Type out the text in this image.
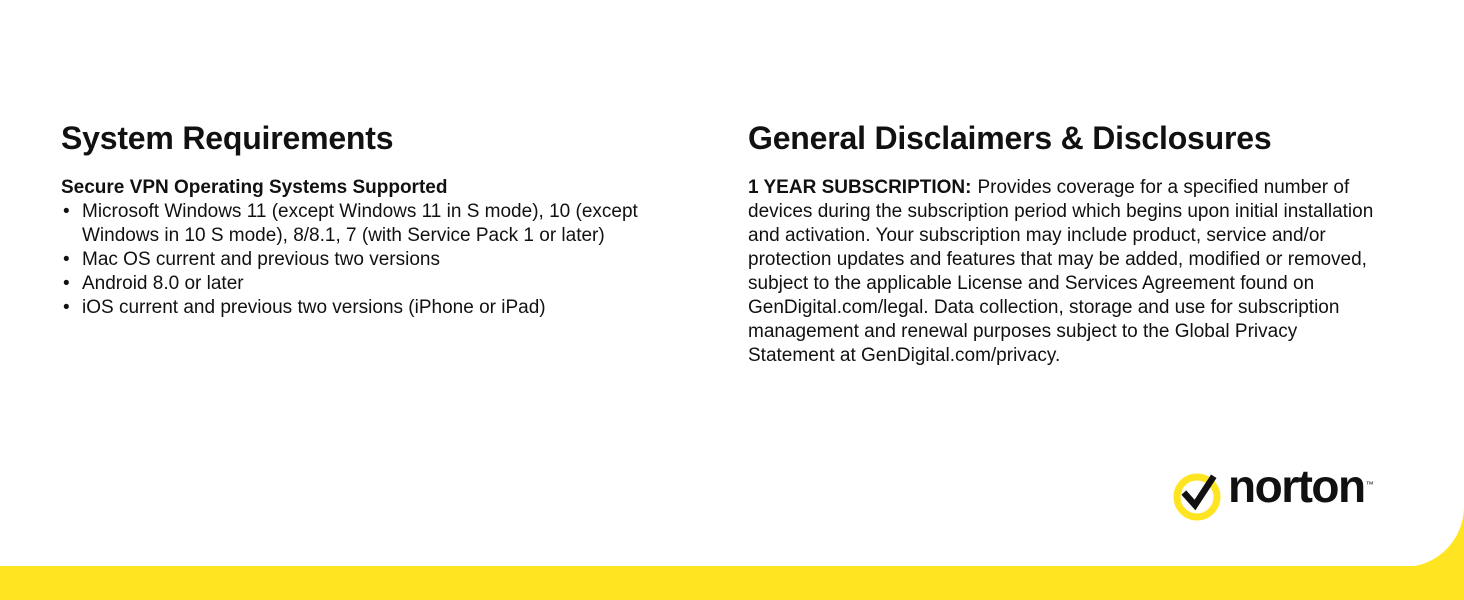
System Requirements
Secure VPN Operating Systems Supported
• Microsoft Windows 11 (except Windows 11 in S mode), 10 (except Windows in 10 S mode), 8/8.1, 7 (with Service Pack 1 or later)
• Mac OS current and previous two versions
• Android 8.0 or later
• iOS current and previous two versions (iPhone or iPad)
General Disclaimers & Disclosures

1 YEAR SUBSCRIPTION: Provides coverage for a specified number of devices during the subscription period which begins upon initial installation and activation. Your subscription may include product, service and/or protection updates and features that may be added, modified or removed, subject to the applicable License and Services Agreement found on GenDigital.com/legal. Data collection, storage and use for subscription management and renewal purposes subject to the Global Privacy Statement at GenDigital.com/privacy.

norton™
